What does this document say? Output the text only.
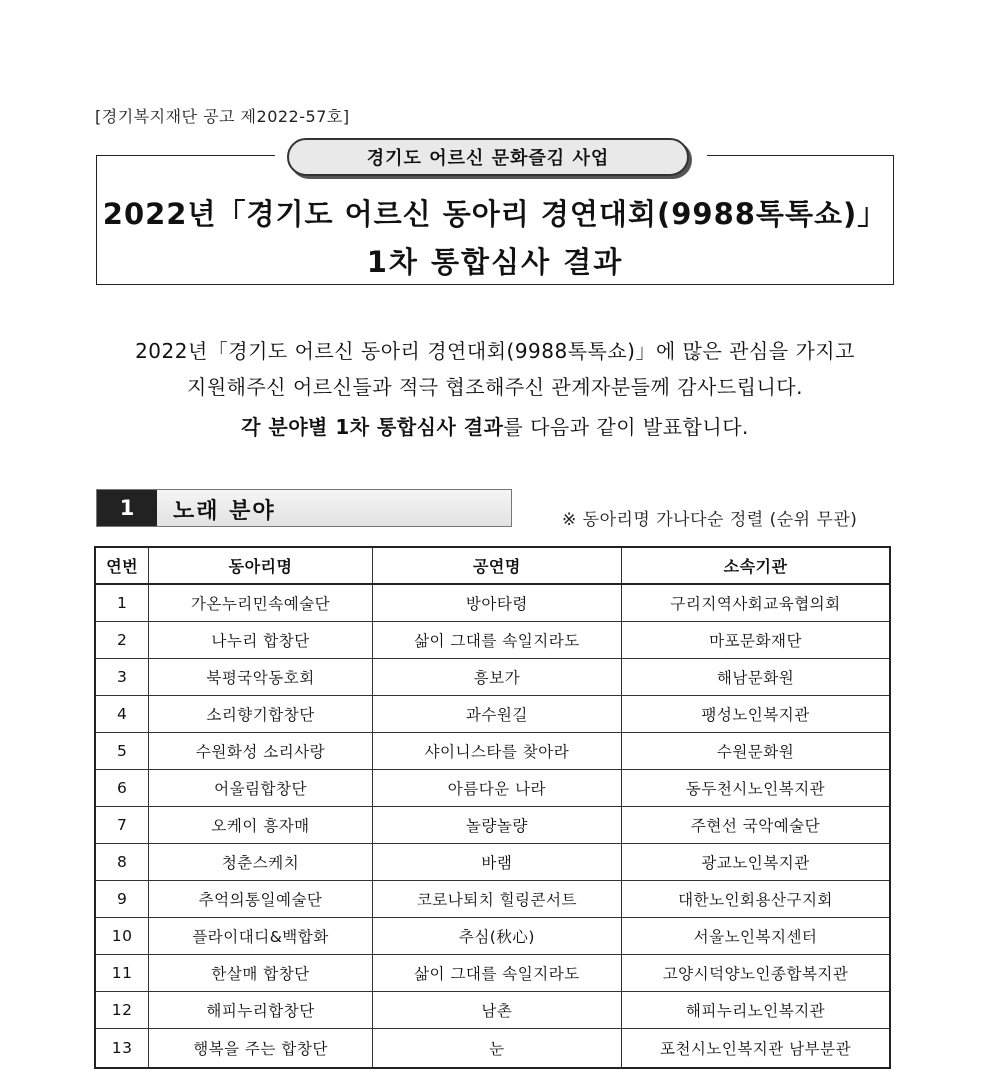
[경기복지재단 공고 제2022-57호]
경기도 어르신 문화즐김 사업
2022년「경기도 어르신 동아리 경연대회(9988톡톡쇼)」
1차 통합심사 결과
2022년「경기도 어르신 동아리 경연대회(9988톡톡쇼)」에 많은 관심을 가지고
지원해주신 어르신들과 적극 협조해주신 관계자분들께 감사드립니다.
각 분야별 1차 통합심사 결과를 다음과 같이 발표합니다.
1	노래 분야	※ 동아리명 가나다순 정렬 (순위 무관)
연번	동아리명	공연명	소속기관
1	가온누리민속예술단	방아타령	구리지역사회교육협의회
2	나누리 합창단	삶이 그대를 속일지라도	마포문화재단
3	북평국악동호회	흥보가	해남문화원
4	소리향기합창단	과수원길	팽성노인복지관
5	수원화성 소리사랑	샤이니스타를 찾아라	수원문화원
6	어울림합창단	아름다운 나라	동두천시노인복지관
7	오케이 흥자매	놀량놀량	주현선 국악예술단
8	청춘스케치	바램	광교노인복지관
9	추억의통일예술단	코로나퇴치 힐링콘서트	대한노인회용산구지회
10	플라이대디&백합화	추심(秋心)	서울노인복지센터
11	한살매 합창단	삶이 그대를 속일지라도	고양시덕양노인종합복지관
12	해피누리합창단	남촌	해피누리노인복지관
13	행복을 주는 합창단	눈	포천시노인복지관 남부분관
